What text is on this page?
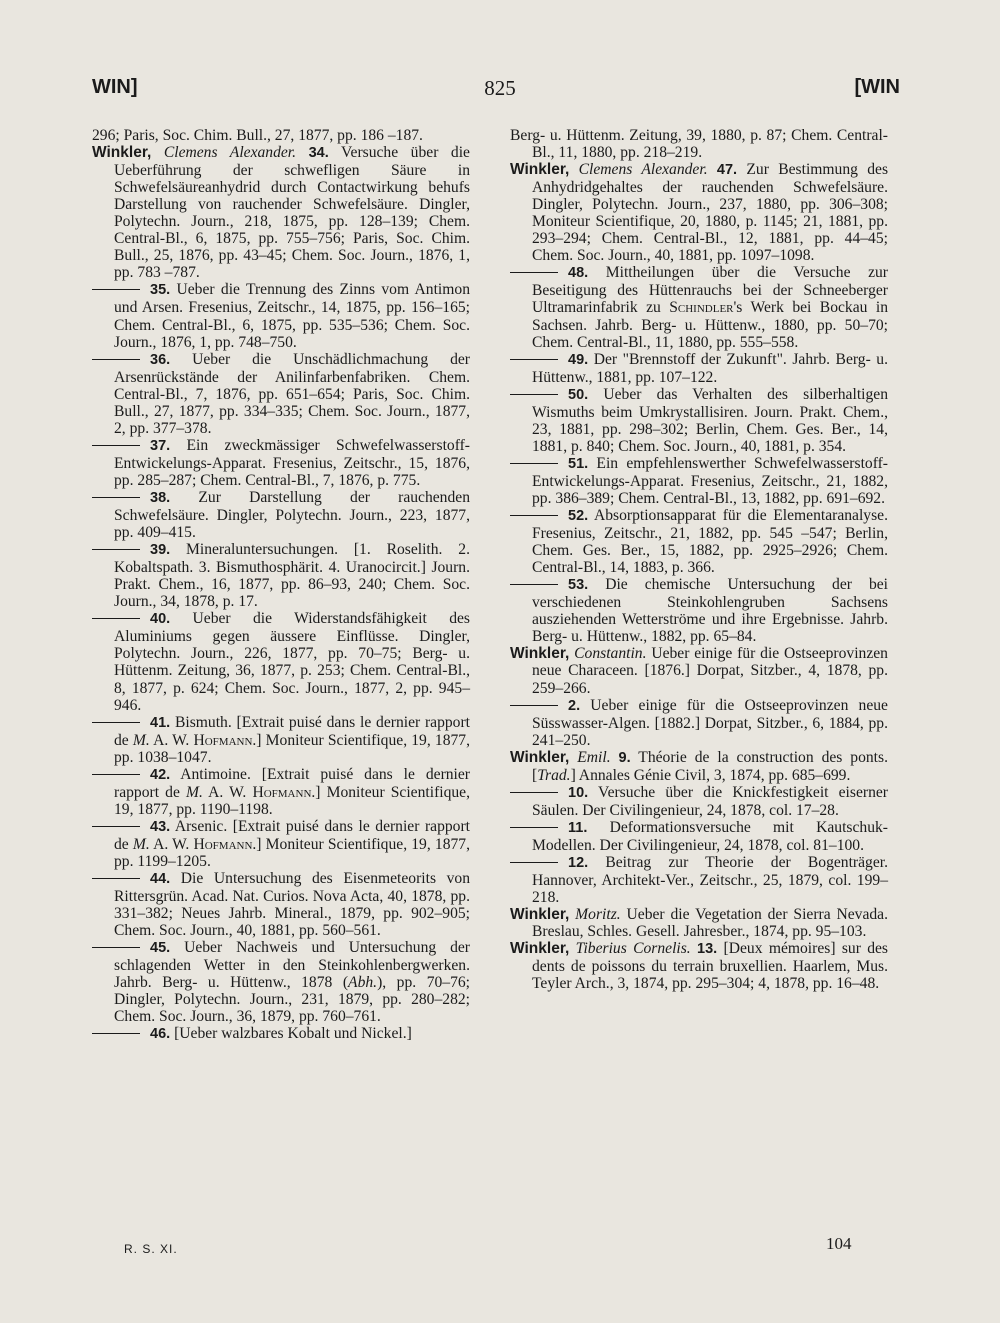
WIN]	825	[WIN

296; Paris, Soc. Chim. Bull., 27, 1877, pp. 186 –187.

Winkler, Clemens Alexander. 34. Versuche über die Ueberführung der schwefligen Säure in Schwefelsäureanhydrid durch Contactwirkung behufs Darstellung von rauchender Schwefelsäure. Dingler, Polytechn. Journ., 218, 1875, pp. 128–139; Chem. Central-Bl., 6, 1875, pp. 755–756; Paris, Soc. Chim. Bull., 25, 1876, pp. 43–45; Chem. Soc. Journ., 1876, 1, pp. 783 –787.

35. Ueber die Trennung des Zinns vom Antimon und Arsen. Fresenius, Zeitschr., 14, 1875, pp. 156–165; Chem. Central-Bl., 6, 1875, pp. 535–536; Chem. Soc. Journ., 1876, 1, pp. 748–750.

36. Ueber die Unschädlichmachung der Arsenrückstände der Anilinfarbenfabriken. Chem. Central-Bl., 7, 1876, pp. 651–654; Paris, Soc. Chim. Bull., 27, 1877, pp. 334–335; Chem. Soc. Journ., 1877, 2, pp. 377–378.

37. Ein zweckmässiger Schwefelwasserstoff-Entwickelungs-Apparat. Fresenius, Zeitschr., 15, 1876, pp. 285–287; Chem. Central-Bl., 7, 1876, p. 775.

38. Zur Darstellung der rauchenden Schwefelsäure. Dingler, Polytechn. Journ., 223, 1877, pp. 409–415.

39. Mineraluntersuchungen. [1. Roselith. 2. Kobaltspath. 3. Bismuthosphärit. 4. Uranocircit.] Journ. Prakt. Chem., 16, 1877, pp. 86–93, 240; Chem. Soc. Journ., 34, 1878, p. 17.

40. Ueber die Widerstandsfähigkeit des Aluminiums gegen äussere Einflüsse. Dingler, Polytechn. Journ., 226, 1877, pp. 70–75; Berg- u. Hüttenm. Zeitung, 36, 1877, p. 253; Chem. Central-Bl., 8, 1877, p. 624; Chem. Soc. Journ., 1877, 2, pp. 945–946.

41. Bismuth. [Extrait puisé dans le dernier rapport de M. A. W. Hofmann.] Moniteur Scientifique, 19, 1877, pp. 1038–1047.

42. Antimoine. [Extrait puisé dans le dernier rapport de M. A. W. Hofmann.] Moniteur Scientifique, 19, 1877, pp. 1190–1198.

43. Arsenic. [Extrait puisé dans le dernier rapport de M. A. W. Hofmann.] Moniteur Scientifique, 19, 1877, pp. 1199–1205.

44. Die Untersuchung des Eisenmeteorits von Rittersgrün. Acad. Nat. Curios. Nova Acta, 40, 1878, pp. 331–382; Neues Jahrb. Mineral., 1879, pp. 902–905; Chem. Soc. Journ., 40, 1881, pp. 560–561.

45. Ueber Nachweis und Untersuchung der schlagenden Wetter in den Steinkohlenbergwerken. Jahrb. Berg- u. Hüttenw., 1878 (Abh.), pp. 70–76; Dingler, Polytechn. Journ., 231, 1879, pp. 280–282; Chem. Soc. Journ., 36, 1879, pp. 760–761.

46. [Ueber walzbares Kobalt und Nickel.]

Berg- u. Hüttenm. Zeitung, 39, 1880, p. 87; Chem. Central-Bl., 11, 1880, pp. 218–219.

Winkler, Clemens Alexander. 47. Zur Bestimmung des Anhydridgehaltes der rauchenden Schwefelsäure. Dingler, Polytechn. Journ., 237, 1880, pp. 306–308; Moniteur Scientifique, 20, 1880, p. 1145; 21, 1881, pp. 293–294; Chem. Central-Bl., 12, 1881, pp. 44–45; Chem. Soc. Journ., 40, 1881, pp. 1097–1098.

48. Mittheilungen über die Versuche zur Beseitigung des Hüttenrauchs bei der Schneeberger Ultramarinfabrik zu Schindler's Werk bei Bockau in Sachsen. Jahrb. Berg- u. Hüttenw., 1880, pp. 50–70; Chem. Central-Bl., 11, 1880, pp. 555–558.

49. Der "Brennstoff der Zukunft". Jahrb. Berg- u. Hüttenw., 1881, pp. 107–122.

50. Ueber das Verhalten des silberhaltigen Wismuths beim Umkrystallisiren. Journ. Prakt. Chem., 23, 1881, pp. 298–302; Berlin, Chem. Ges. Ber., 14, 1881, p. 840; Chem. Soc. Journ., 40, 1881, p. 354.

51. Ein empfehlenswerther Schwefelwasserstoff-Entwickelungs-Apparat. Fresenius, Zeitschr., 21, 1882, pp. 386–389; Chem. Central-Bl., 13, 1882, pp. 691–692.

52. Absorptionsapparat für die Elementaranalyse. Fresenius, Zeitschr., 21, 1882, pp. 545 –547; Berlin, Chem. Ges. Ber., 15, 1882, pp. 2925–2926; Chem. Central-Bl., 14, 1883, p. 366.

53. Die chemische Untersuchung der bei verschiedenen Steinkohlengruben Sachsens ausziehenden Wetterströme und ihre Ergebnisse. Jahrb. Berg- u. Hüttenw., 1882, pp. 65–84.

Winkler, Constantin. Ueber einige für die Ostseeprovinzen neue Characeen. [1876.] Dorpat, Sitzber., 4, 1878, pp. 259–266.

2. Ueber einige für die Ostseeprovinzen neue Süsswasser-Algen. [1882.] Dorpat, Sitzber., 6, 1884, pp. 241–250.

Winkler, Emil. 9. Théorie de la construction des ponts. [Trad.] Annales Génie Civil, 3, 1874, pp. 685–699.

10. Versuche über die Knickfestigkeit eiserner Säulen. Der Civilingenieur, 24, 1878, col. 17–28.

11. Deformationsversuche mit Kautschuk-Modellen. Der Civilingenieur, 24, 1878, col. 81–100.

12. Beitrag zur Theorie der Bogenträger. Hannover, Architekt-Ver., Zeitschr., 25, 1879, col. 199–218.

Winkler, Moritz. Ueber die Vegetation der Sierra Nevada. Breslau, Schles. Gesell. Jahresber., 1874, pp. 95–103.

Winkler, Tiberius Cornelis. 13. [Deux mémoires] sur des dents de poissons du terrain bruxellien. Haarlem, Mus. Teyler Arch., 3, 1874, pp. 295–304; 4, 1878, pp. 16–48.

R. S. XI.	104
